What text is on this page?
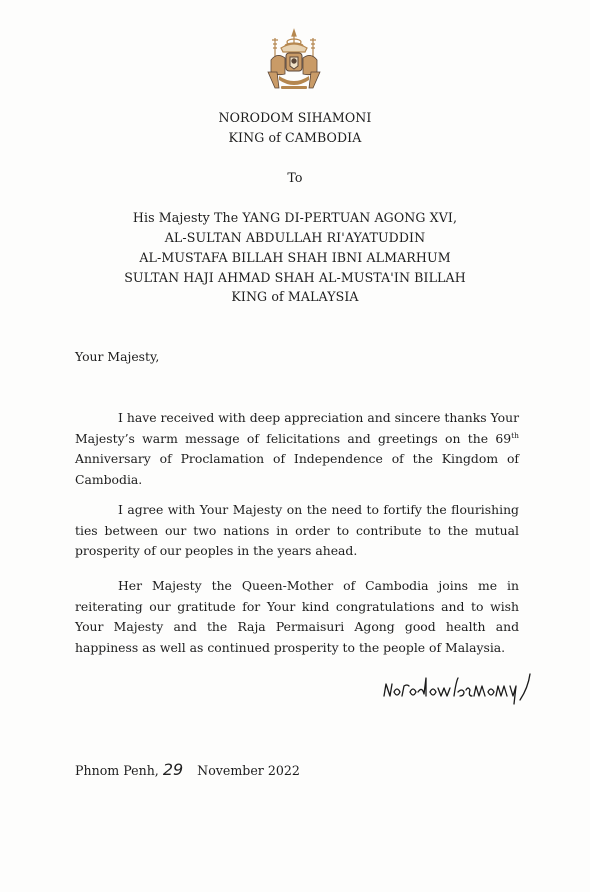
NORODOM SIHAMONI
KING of CAMBODIA
To
His Majesty The YANG DI-PERTUAN AGONG XVI,
AL-SULTAN ABDULLAH RI'AYATUDDIN
AL-MUSTAFA BILLAH SHAH IBNI ALMARHUM
SULTAN HAJI AHMAD SHAH AL-MUSTA'IN BILLAH
KING of MALAYSIA
Your Majesty,
I have received with deep appreciation and sincere thanks Your
Majesty’s warm message of felicitations and greetings on the 69th
Anniversary of Proclamation of Independence of the Kingdom of
Cambodia.
I agree with Your Majesty on the need to fortify the flourishing
ties between our two nations in order to contribute to the mutual
prosperity of our peoples in the years ahead.
Her Majesty the Queen-Mother of Cambodia joins me in
reiterating our gratitude for Your kind congratulations and to wish
Your Majesty and the Raja Permaisuri Agong good health and
happiness as well as continued prosperity to the people of Malaysia.
Phnom Penh, 29 November 2022
